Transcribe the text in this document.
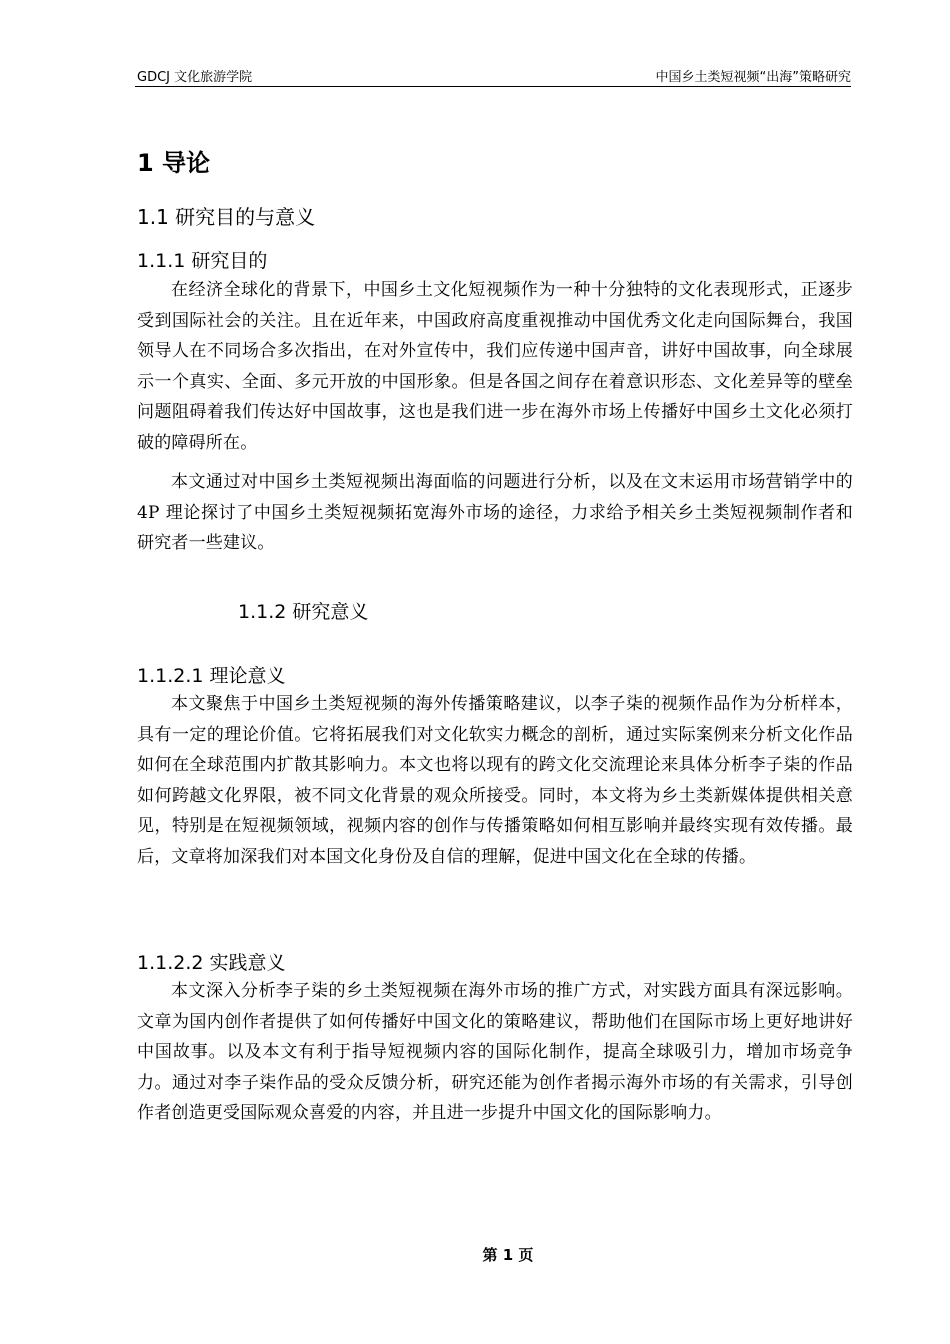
GDCJ 文化旅游学院	中国乡土类短视频“出海”策略研究
1 导论
1.1 研究目的与意义
1.1.1 研究目的

在经济全球化的背景下，中国乡土文化短视频作为一种十分独特的文化表现形式，正逐步受到国际社会的关注。且在近年来，中国政府高度重视推动中国优秀文化走向国际舞台，我国领导人在不同场合多次指出，在对外宣传中，我们应传递中国声音，讲好中国故事，向全球展示一个真实、全面、多元开放的中国形象。但是各国之间存在着意识形态、文化差异等的壁垒问题阻碍着我们传达好中国故事，这也是我们进一步在海外市场上传播好中国乡土文化必须打破的障碍所在。

本文通过对中国乡土类短视频出海面临的问题进行分析，以及在文末运用市场营销学中的 4P 理论探讨了中国乡土类短视频拓宽海外市场的途径，力求给予相关乡土类短视频制作者和研究者一些建议。

1.1.2 研究意义
1.1.2.1 理论意义

本文聚焦于中国乡土类短视频的海外传播策略建议，以李子柒的视频作品作为分析样本，具有一定的理论价值。它将拓展我们对文化软实力概念的剖析，通过实际案例来分析文化作品如何在全球范围内扩散其影响力。本文也将以现有的跨文化交流理论来具体分析李子柒的作品如何跨越文化界限，被不同文化背景的观众所接受。同时，本文将为乡土类新媒体提供相关意见，特别是在短视频领域，视频内容的创作与传播策略如何相互影响并最终实现有效传播。最后，文章将加深我们对本国文化身份及自信的理解，促进中国文化在全球的传播。

1.1.2.2 实践意义

本文深入分析李子柒的乡土类短视频在海外市场的推广方式，对实践方面具有深远影响。文章为国内创作者提供了如何传播好中国文化的策略建议，帮助他们在国际市场上更好地讲好中国故事。以及本文有利于指导短视频内容的国际化制作，提高全球吸引力，增加市场竞争力。通过对李子柒作品的受众反馈分析，研究还能为创作者揭示海外市场的有关需求，引导创作者创造更受国际观众喜爱的内容，并且进一步提升中国文化的国际影响力。

第 1 页
